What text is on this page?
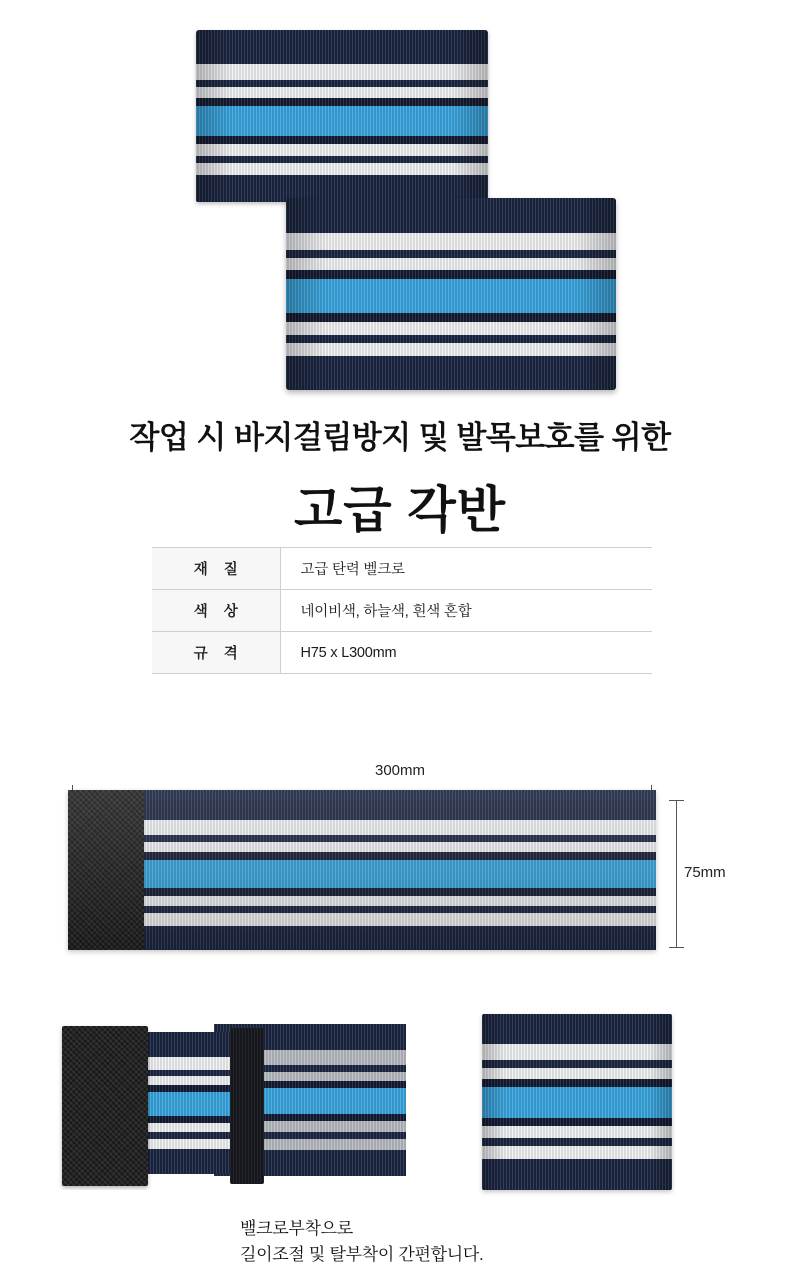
작업 시 바지걸림방지 및 발목보호를 위한
고급 각반
재 질	고급 탄력 벨크로
색 상	네이비색, 하늘색, 흰색 혼합
규 격	H75 x L300mm
300mm
75mm
밸크로부착으로
길이조절 및 탈부착이 간편합니다.
